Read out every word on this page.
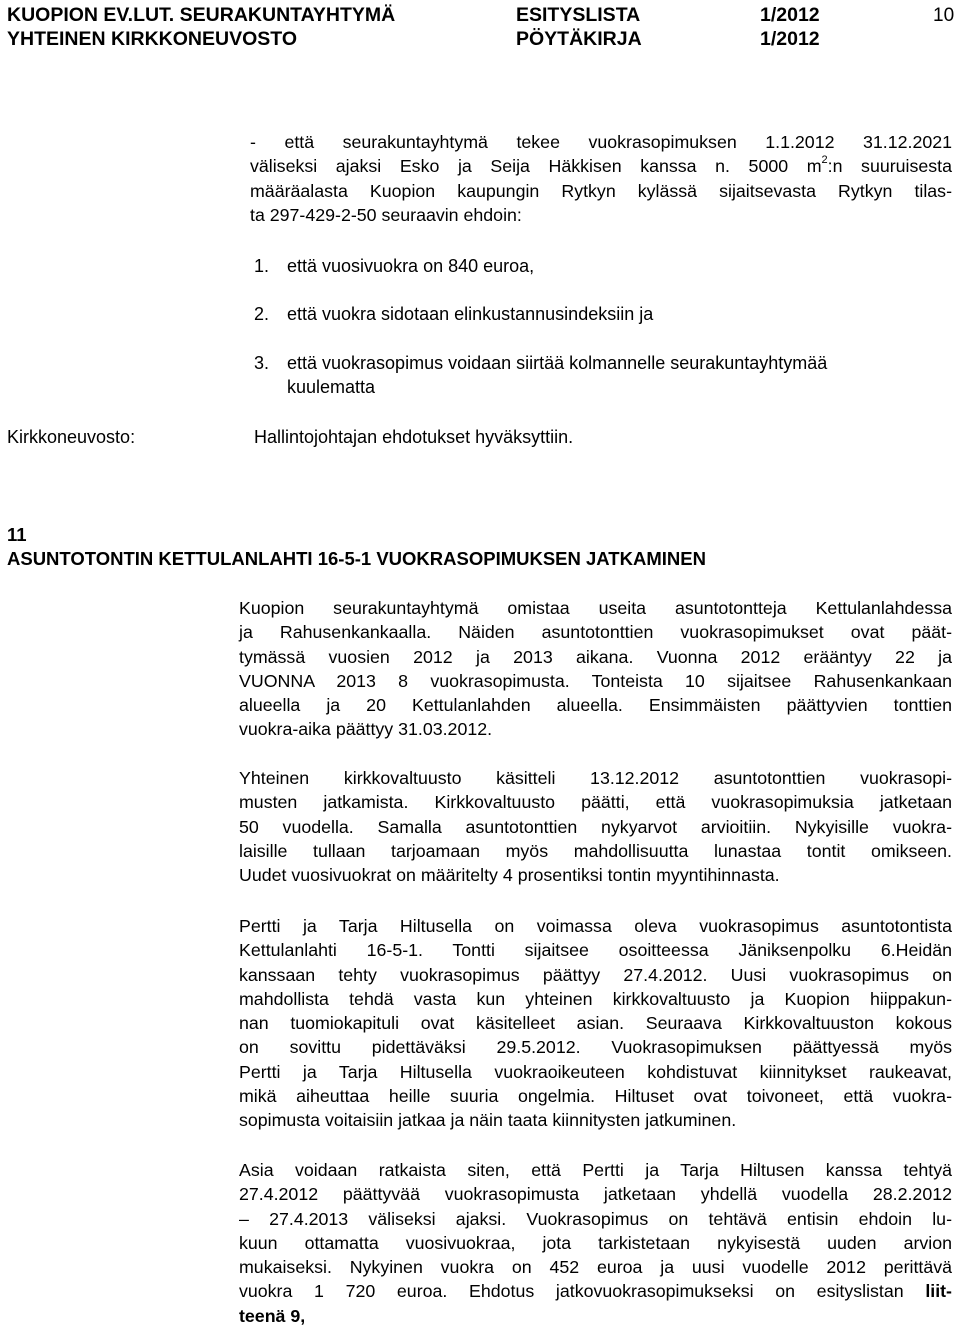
KUOPION EV.LUT. SEURAKUNTAYHTYMÄ
YHTEINEN KIRKKONEUVOSTO
ESITYSLISTA
PÖYTÄKIRJA
1/2012
1/2012
10
- että seurakuntayhtymä tekee vuokrasopimuksen 1.1.2012 31.12.2021
väliseksi ajaksi Esko ja Seija Häkkisen kanssa n. 5000 $m^2:n$ suuruisesta
määräalasta Kuopion kaupungin Rytkyn kylässä sijaitsevasta Rytkyn tilas-
ta 297-429-2-50 seuraavin ehdoin:
1. että vuosivuokra on 840 euroa,
2. että vuokra sidotaan elinkustannusindeksiin ja
3. että vuokrasopimus voidaan siirtää kolmannelle seurakuntayhtymää
kuulematta
Kirkkoneuvosto:	Hallintojohtajan ehdotukset hyväksyttiin.
11
ASUNTOTONTIN KETTULANLAHTI 16-5-1 VUOKRASOPIMUKSEN JATKAMINEN
Kuopion seurakuntayhtymä omistaa useita asuntotontteja Kettulanlahdessa
ja Rahusenkankaalla. Näiden asuntotonttien vuokrasopimukset ovat päät-
tymässä vuosien 2012 ja 2013 aikana. Vuonna 2012 erääntyy 22 ja
VUONNA 2013 8 vuokrasopimusta. Tonteista 10 sijaitsee Rahusenkankaan
alueella ja 20 Kettulanlahden alueella. Ensimmäisten päättyvien tonttien
vuokra-aika päättyy 31.03.2012.
Yhteinen kirkkovaltuusto käsitteli 13.12.2012 asuntotonttien vuokrasopi-
musten jatkamista. Kirkkovaltuusto päätti, että vuokrasopimuksia jatketaan
50 vuodella. Samalla asuntotonttien nykyarvot arvioitiin. Nykyisille vuokra-
laisille tullaan tarjoamaan myös mahdollisuutta lunastaa tontit omikseen.
Uudet vuosivuokrat on määritelty 4 prosentiksi tontin myyntihinnasta.
Pertti ja Tarja Hiltusella on voimassa oleva vuokrasopimus asuntotontista
Kettulanlahti 16-5-1. Tontti sijaitsee osoitteessa Jäniksenpolku 6.Heidän
kanssaan tehty vuokrasopimus päättyy 27.4.2012. Uusi vuokrasopimus on
mahdollista tehdä vasta kun yhteinen kirkkovaltuusto ja Kuopion hiippakun-
nan tuomiokapituli ovat käsitelleet asian. Seuraava Kirkkovaltuuston kokous
on sovittu pidettäväksi 29.5.2012. Vuokrasopimuksen päättyessä myös
Pertti ja Tarja Hiltusella vuokraoikeuteen kohdistuvat kiinnitykset raukeavat,
mikä aiheuttaa heille suuria ongelmia. Hiltuset ovat toivoneet, että vuokra-
sopimusta voitaisiin jatkaa ja näin taata kiinnitysten jatkuminen.
Asia voidaan ratkaista siten, että Pertti ja Tarja Hiltusen kanssa tehtyä
27.4.2012 päättyvää vuokrasopimusta jatketaan yhdellä vuodella 28.2.2012
– 27.4.2013 väliseksi ajaksi. Vuokrasopimus on tehtävä entisin ehdoin lu-
kuun ottamatta vuosivuokraa, jota tarkistetaan nykyisestä uuden arvion
mukaiseksi. Nykyinen vuokra on 452 euroa ja uusi vuodelle 2012 perittävä
vuokra 1 720 euroa. Ehdotus jatkovuokrasopimukseksi on esityslistan liit-
teenä 9,
